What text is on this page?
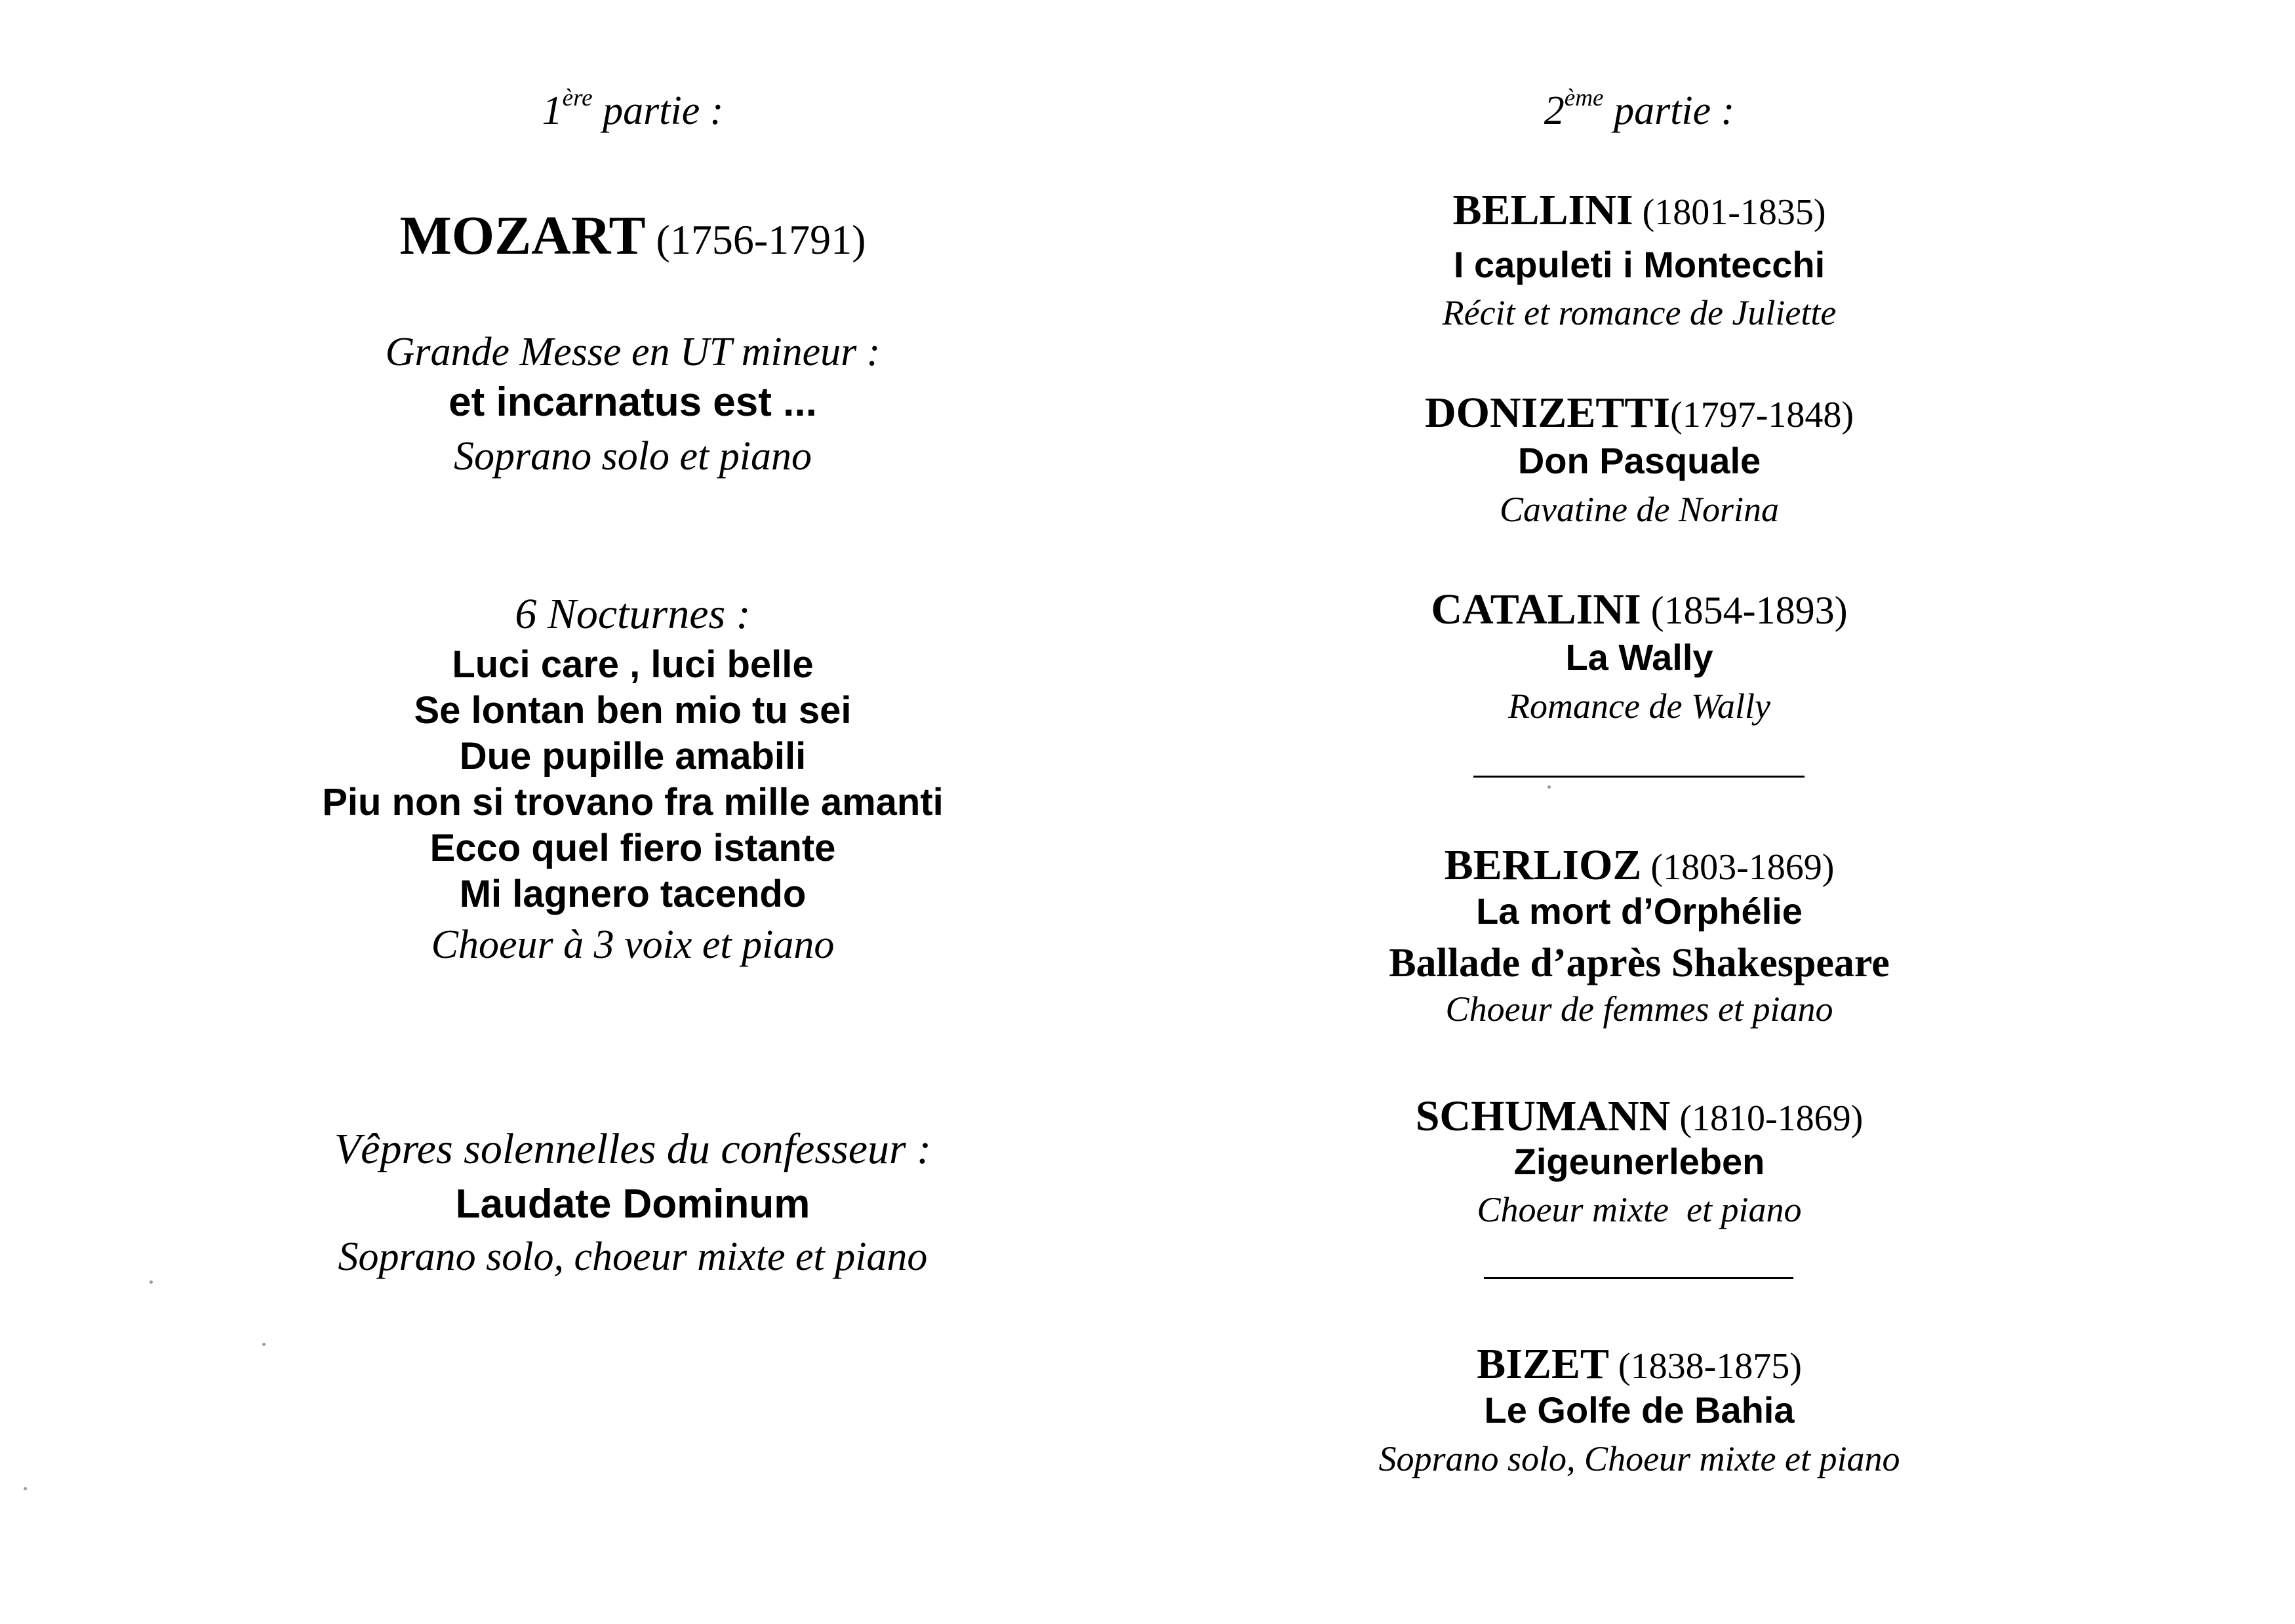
1ère partie :
MOZART (1756-1791)
Grande Messe en UT mineur :
et incarnatus est ...
Soprano solo et piano
6 Nocturnes :
Luci care , luci belle
Se lontan ben mio tu sei
Due pupille amabili
Piu non si trovano fra mille amanti
Ecco quel fiero istante
Mi lagnero tacendo
Choeur à 3 voix et piano
Vêpres solennelles du confesseur :
Laudate Dominum
Soprano solo, choeur mixte et piano
2ème partie :
BELLINI (1801-1835)
I capuleti i Montecchi
Récit et romance de Juliette
DONIZETTI(1797-1848)
Don Pasquale
Cavatine de Norina
CATALINI (1854-1893)
La Wally
Romance de Wally
BERLIOZ (1803-1869)
La mort d’Orphélie
Ballade d’après Shakespeare
Choeur de femmes et piano
SCHUMANN (1810-1869)
Zigeunerleben
Choeur mixte  et piano
BIZET (1838-1875)
Le Golfe de Bahia
Soprano solo, Choeur mixte et piano
